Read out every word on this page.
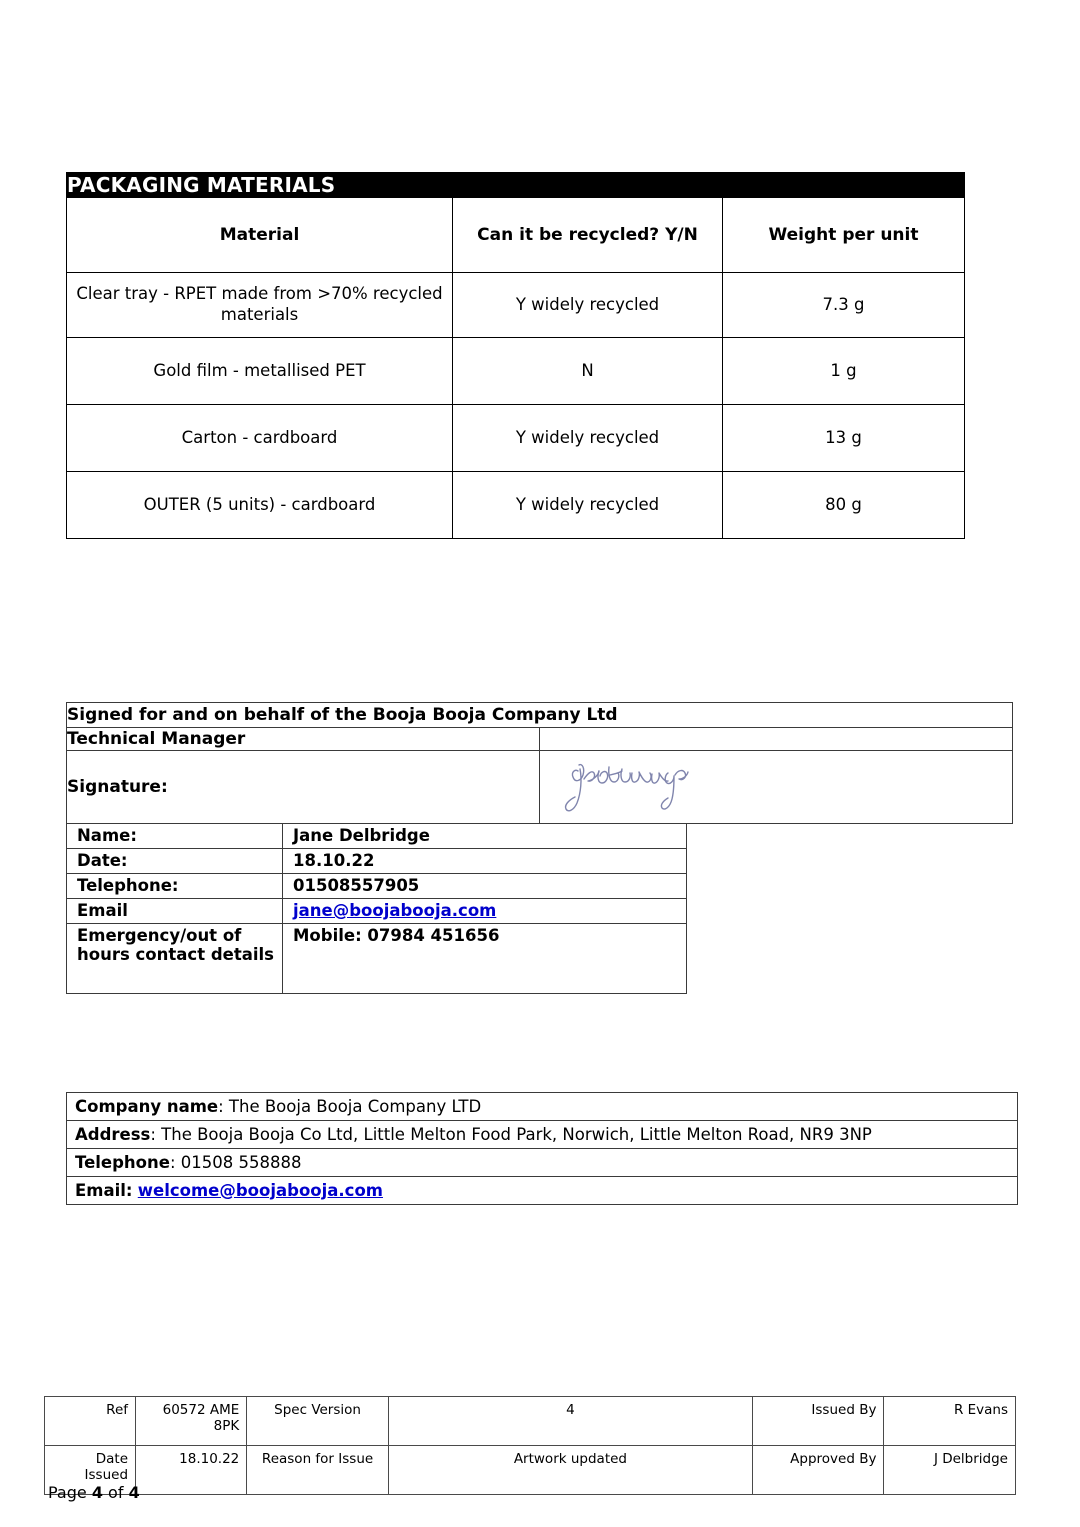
PACKAGING MATERIALS		
Material	Can it be recycled? Y/N	Weight per unit
Clear tray - RPET made from >70% recycled materials	Y widely recycled	7.3 g
Gold film - metallised PET	N	1 g
Carton - cardboard	Y widely recycled	13 g
OUTER (5 units) - cardboard	Y widely recycled	80 g
Signed for and on behalf of the Booja Booja Company Ltd	
Technical Manager	
Signature:	
Name:	Jane Delbridge
Date:	18.10.22
Telephone:	01508557905
Email	jane@boojabooja.com
Emergency/out of hours contact details	Mobile: 07984 451656
Company name: The Booja Booja Company LTD
Address: The Booja Booja Co Ltd, Little Melton Food Park, Norwich, Little Melton Road, NR9 3NP
Telephone: 01508 558888
Email: welcome@boojabooja.com
Ref	60572 AME 8PK	Spec Version	4	Issued By	R Evans
Date Issued	18.10.22	Reason for Issue	Artwork updated	Approved By	J Delbridge
Page 4 of 4
